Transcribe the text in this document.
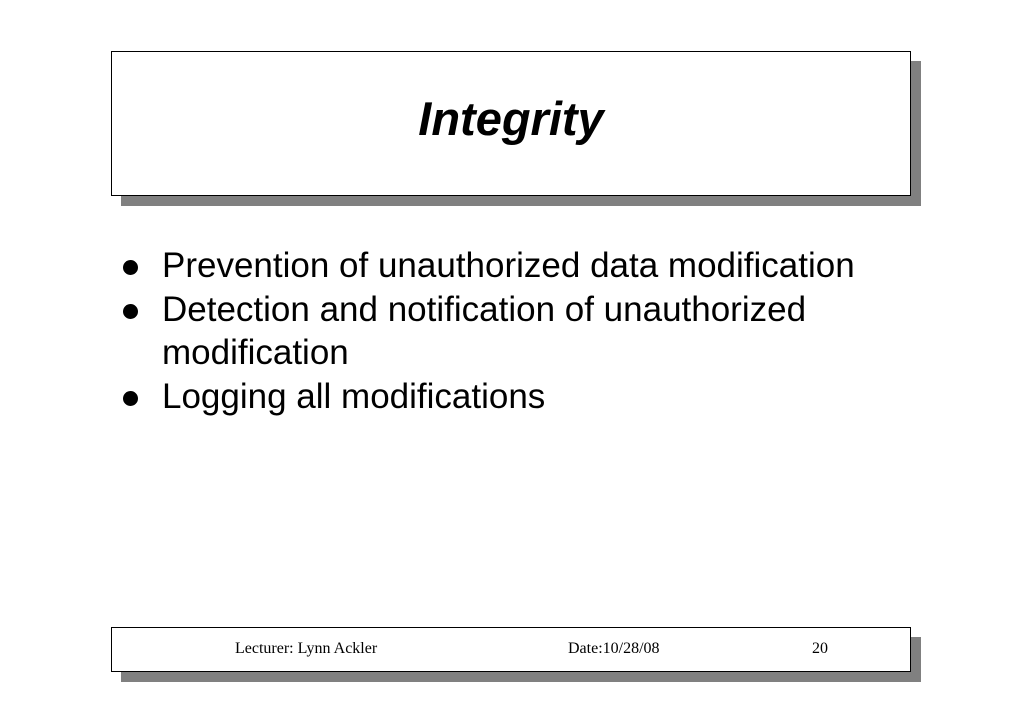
Integrity
Prevention of unauthorized data modification
Detection and notification of unauthorized modification
Logging all modifications
Lecturer: Lynn Ackler	Date:10/28/08	20
